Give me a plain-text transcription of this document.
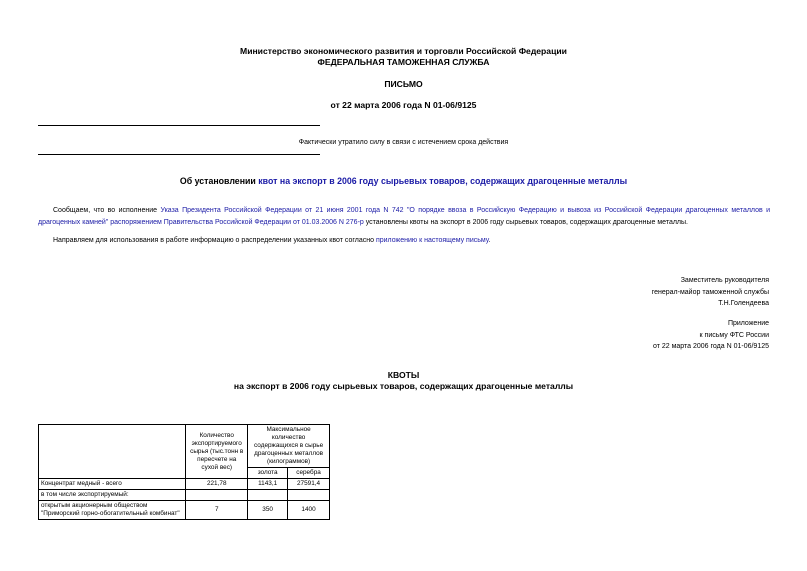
Министерство экономического развития и торговли Российской Федерации
ФЕДЕРАЛЬНАЯ ТАМОЖЕННАЯ СЛУЖБА
ПИСЬМО
от 22 марта 2006 года N 01-06/9125
Фактически утратило силу в связи с истечением срока действия
Об установлении квот на экспорт в 2006 году сырьевых товаров, содержащих драгоценные металлы
Сообщаем, что во исполнение Указа Президента Российской Федерации от 21 июня 2001 года N 742 "О порядке ввоза в Российскую Федерацию и вывоза из Российской Федерации драгоценных металлов и драгоценных камней" распоряжением Правительства Российской Федерации от 01.03.2006 N 276-р установлены квоты на экспорт в 2006 году сырьевых товаров, содержащих драгоценные металлы.
Направляем для использования в работе информацию о распределении указанных квот согласно приложению к настоящему письму.
Заместитель руководителя
генерал-майор таможенной службы
Т.Н.Голендеева
Приложение
к письму ФТС России
от 22 марта 2006 года N 01-06/9125
КВОТЫ
на экспорт в 2006 году сырьевых товаров, содержащих драгоценные металлы
	Количество экспортируемого сырья (тыс.тонн в пересчете на сухой вес)	Максимальное количество содержащихся в сырье драгоценных металлов (килограммов)	
		золота	серебра
Концентрат медный - всего	221,78	1143,1	27591,4
в том числе экспортируемый:			
открытым акционерным обществом "Приморский горно-обогатительный комбинат"	7	350	1400
